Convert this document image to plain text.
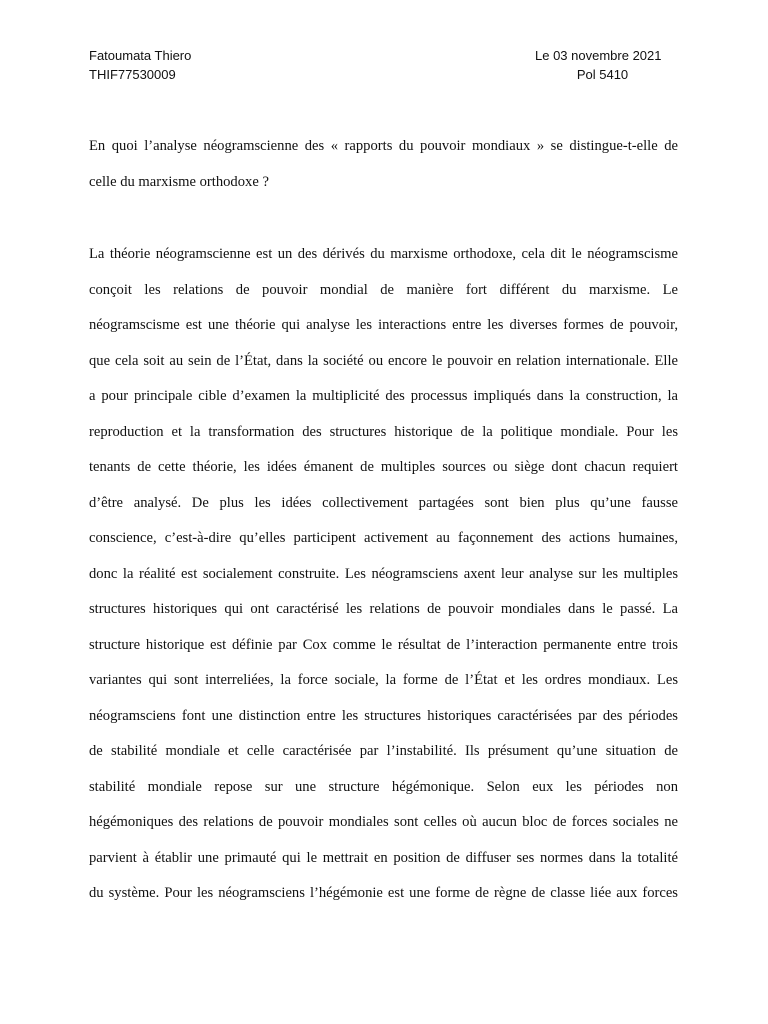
Fatoumata Thiero
THIF77530009
Le 03 novembre 2021
Pol 5410
En quoi l’analyse néogramscienne des « rapports du pouvoir mondiaux » se distingue-t-elle de
celle du marxisme orthodoxe ?
La théorie néogramscienne est un des dérivés du marxisme orthodoxe, cela dit le néogramscisme
conçoit les relations de pouvoir mondial de manière fort différent du marxisme. Le
néogramscisme est une théorie qui analyse les interactions entre les diverses formes de pouvoir,
que cela soit au sein de l’État, dans la société ou encore le pouvoir en relation internationale. Elle
a pour principale cible d’examen la multiplicité des processus impliqués dans la construction, la
reproduction et la transformation des structures historique de la politique mondiale. Pour les
tenants de cette théorie, les idées émanent de multiples sources ou siège dont chacun requiert
d’être analysé. De plus les idées collectivement partagées sont bien plus qu’une fausse
conscience, c’est-à-dire qu’elles participent activement au façonnement des actions humaines,
donc la réalité est socialement construite. Les néogramsciens axent leur analyse sur les multiples
structures historiques qui ont caractérisé les relations de pouvoir mondiales dans le passé. La
structure historique est définie par Cox comme le résultat de l’interaction permanente entre trois
variantes qui sont interreliées, la force sociale, la forme de l’État et les ordres mondiaux. Les
néogramsciens font une distinction entre les structures historiques caractérisées par des périodes
de stabilité mondiale et celle caractérisée par l’instabilité. Ils présument qu’une situation de
stabilité mondiale repose sur une structure hégémonique. Selon eux les périodes non
hégémoniques des relations de pouvoir mondiales sont celles où aucun bloc de forces sociales ne
parvient à établir une primauté qui le mettrait en position de diffuser ses normes dans la totalité
du système. Pour les néogramsciens l’hégémonie est une forme de règne de classe liée aux forces
